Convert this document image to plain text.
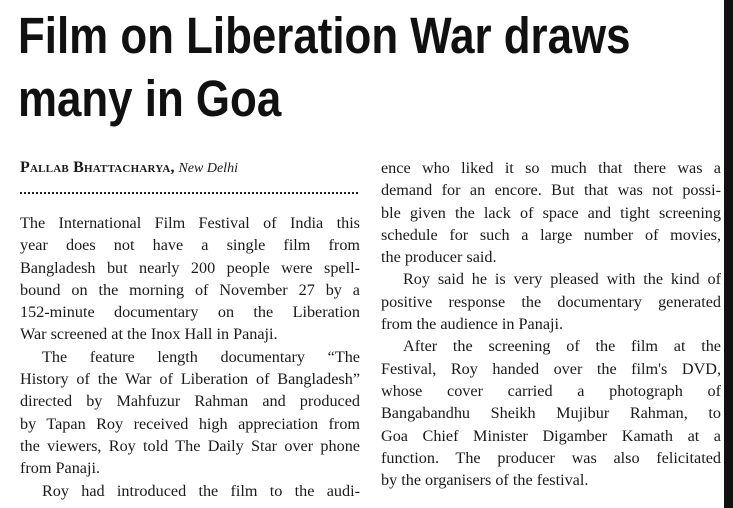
Film on Liberation War draws
many in Goa
Pallab Bhattacharya, New Delhi
The International Film Festival of India this
year does not have a single film from
Bangladesh but nearly 200 people were spell-
bound on the morning of November 27 by a
152-minute documentary on the Liberation
War screened at the Inox Hall in Panaji.
The feature length documentary “The
History of the War of Liberation of Bangladesh”
directed by Mahfuzur Rahman and produced
by Tapan Roy received high appreciation from
the viewers, Roy told The Daily Star over phone
from Panaji.
Roy had introduced the film to the audi-
ence who liked it so much that there was a
demand for an encore. But that was not possi-
ble given the lack of space and tight screening
schedule for such a large number of movies,
the producer said.
Roy said he is very pleased with the kind of
positive response the documentary generated
from the audience in Panaji.
After the screening of the film at the
Festival, Roy handed over the film's DVD,
whose cover carried a photograph of
Bangabandhu Sheikh Mujibur Rahman, to
Goa Chief Minister Digamber Kamath at a
function. The producer was also felicitated
by the organisers of the festival.
